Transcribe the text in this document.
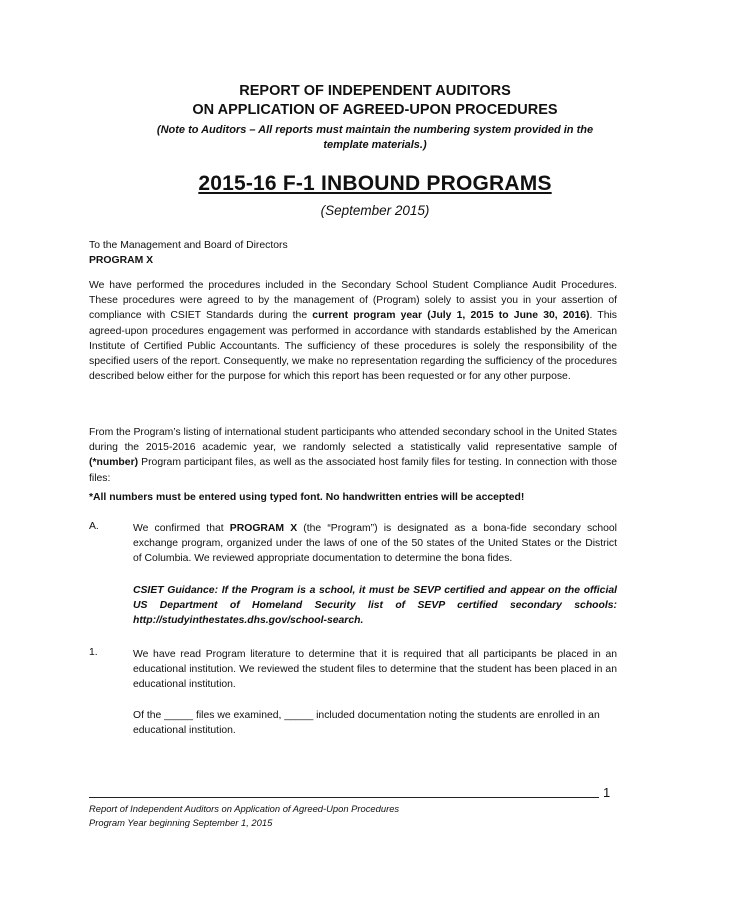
REPORT OF INDEPENDENT AUDITORS
ON APPLICATION OF AGREED-UPON PROCEDURES
(Note to Auditors – All reports must maintain the numbering system provided in the
template materials.)
2015-16 F-1 INBOUND PROGRAMS
(September 2015)
To the Management and Board of Directors
PROGRAM X
We have performed the procedures included in the Secondary School Student Compliance Audit Procedures. These procedures were agreed to by the management of (Program) solely to assist you in your assertion of compliance with CSIET Standards during the current program year (July 1, 2015 to June 30, 2016). This agreed-upon procedures engagement was performed in accordance with standards established by the American Institute of Certified Public Accountants. The sufficiency of these procedures is solely the responsibility of the specified users of the report. Consequently, we make no representation regarding the sufficiency of the procedures described below either for the purpose for which this report has been requested or for any other purpose.
From the Program’s listing of international student participants who attended secondary school in the United States during the 2015-2016 academic year, we randomly selected a statistically valid representative sample of (*number) Program participant files, as well as the associated host family files for testing. In connection with those files:
*All numbers must be entered using typed font. No handwritten entries will be accepted!
A.	We confirmed that PROGRAM X (the “Program”) is designated as a bona-fide secondary school exchange program, organized under the laws of one of the 50 states of the United States or the District of Columbia. We reviewed appropriate documentation to determine the bona fides.
CSIET Guidance: If the Program is a school, it must be SEVP certified and appear on the official US Department of Homeland Security list of SEVP certified secondary schools: http://studyinthestates.dhs.gov/school-search.
1.	We have read Program literature to determine that it is required that all participants be placed in an educational institution. We reviewed the student files to determine that the student has been placed in an educational institution.
Of the _____ files we examined, _____ included documentation noting the students are enrolled in an educational institution.
1
Report of Independent Auditors on Application of Agreed-Upon Procedures
Program Year beginning September 1, 2015
